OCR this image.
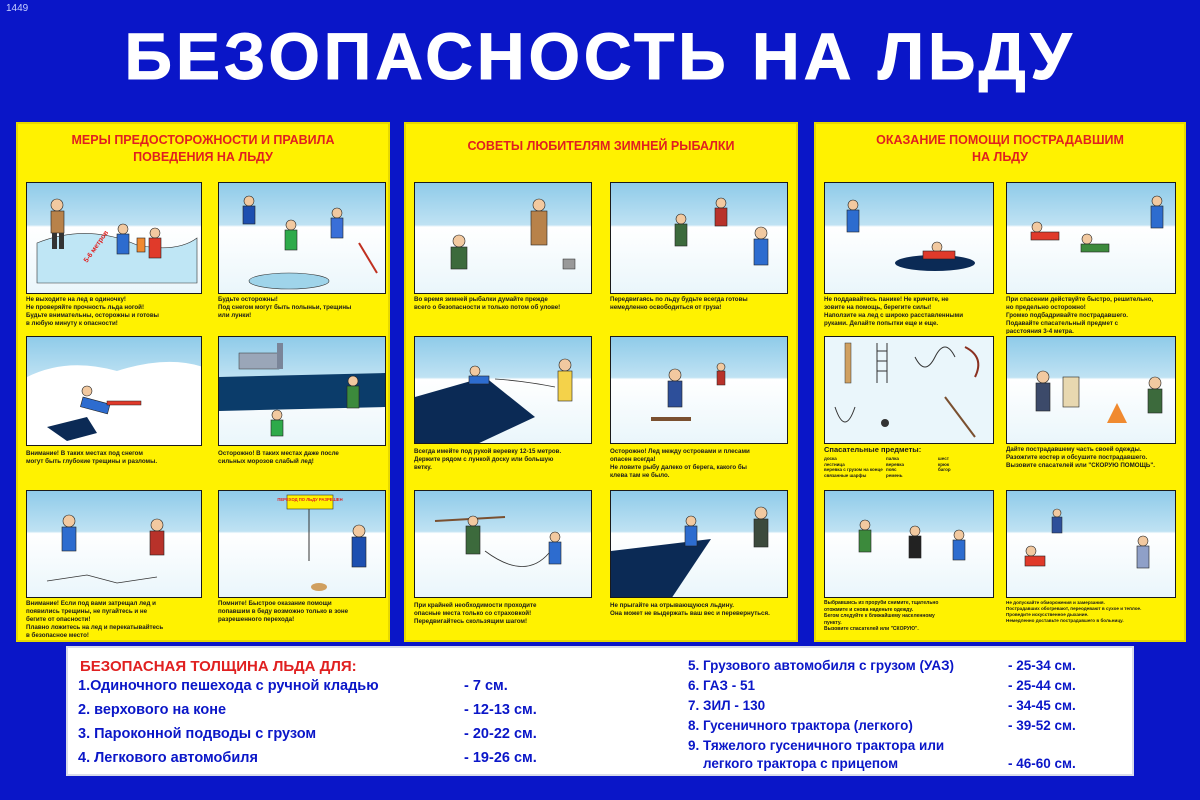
1449
БЕЗОПАСНОСТЬ НА ЛЬДУ
МЕРЫ ПРЕДОСТОРОЖНОСТИ И ПРАВИЛА
ПОВЕДЕНИЯ НА ЛЬДУ
5-6 метров
Не выходите на лед в одиночку!
Не проверяйте прочность льда ногой!
Будьте внимательны, осторожны и готовы
в любую минуту к опасности!
Будьте осторожны!
Под снегом могут быть полыньи, трещины
или лунки!
Внимание! В таких местах под снегом
могут быть глубокие трещины и разломы.
Осторожно! В таких местах даже после
сильных морозов слабый лед!
Внимание! Если под вами затрещал лед и
появились трещины, не пугайтесь и не
бегите от опасности!
Плавно ложитесь на лед и перекатывайтесь
в безопасное место!
ПЕРЕХОД ПО ЛЬДУ РАЗРЕШЕН
Помните! Быстрое оказание помощи
попавшим в беду возможно только в зоне
разрешенного перехода!
СОВЕТЫ ЛЮБИТЕЛЯМ ЗИМНЕЙ РЫБАЛКИ
Во время зимней рыбалки думайте прежде
всего о безопасности и только потом об улове!
Передвигаясь по льду будьте всегда готовы
немедленно освободиться от груза!
Всегда имейте под рукой веревку 12-15 метров.
Держите рядом с лункой доску или большую
ветку.
Осторожно! Лед между островами и плесами
опасен всегда!
Не ловите рыбу далеко от берега, какого бы
клева там не было.
При крайней необходимости проходите
опасные места только со страховкой!
Передвигайтесь скользящим шагом!
Не прыгайте на отрывающуюся льдину.
Она может не выдержать ваш вес и перевернуться.
ОКАЗАНИЕ ПОМОЩИ ПОСТРАДАВШИМ
НА ЛЬДУ
Не поддавайтесь панике! Не кричите, не
зовите на помощь, берегите силы!
Наползите на лед с широко расставленными
руками. Делайте попытки еще и еще.
При спасении действуйте быстро, решительно,
но предельно осторожно!
Громко подбадривайте пострадавшего.
Подавайте спасательный предмет с
расстояния 3-4 метра.
Спасательные предметы:
доска
лестница
веревка с грузом на конце
связанные шарфы
палка
веревка
пояс
ремень
шест
крюк
багор
Дайте пострадавшему часть своей одежды.
Разожгите костер и обсушите пострадавшего.
Вызовите спасателей или "СКОРУЮ ПОМОЩЬ".
Выбравшись из проруби снимите, тщательно
отожмите и снова наденьте одежду.
Бегом следуйте к ближайшему населенному
пункту.
Вызовите спасателей или "СКОРУЮ".
Не допускайте обморожения и замерзания.
Пострадавших обогревают, переодевают в сухое и теплое.
Проведите искусственное дыхание.
Немедленно доставьте пострадавшего в больницу.
БЕЗОПАСНАЯ ТОЛЩИНА ЛЬДА ДЛЯ:
1.Одиночного пешехода с ручной кладью	- 7 см.
2. верхового на коне	- 12-13 см.
3. Пароконной подводы с грузом	- 20-22 см.
4. Легкового автомобиля	- 19-26 см.
5. Грузового автомобиля с грузом (УАЗ)	- 25-34 см.
6. ГАЗ - 51	- 25-44 см.
7. ЗИЛ - 130	- 34-45 см.
8. Гусеничного трактора (легкого)	- 39-52 см.
9. Тяжелого гусеничного трактора или
легкого трактора с прицепом	- 46-60 см.
